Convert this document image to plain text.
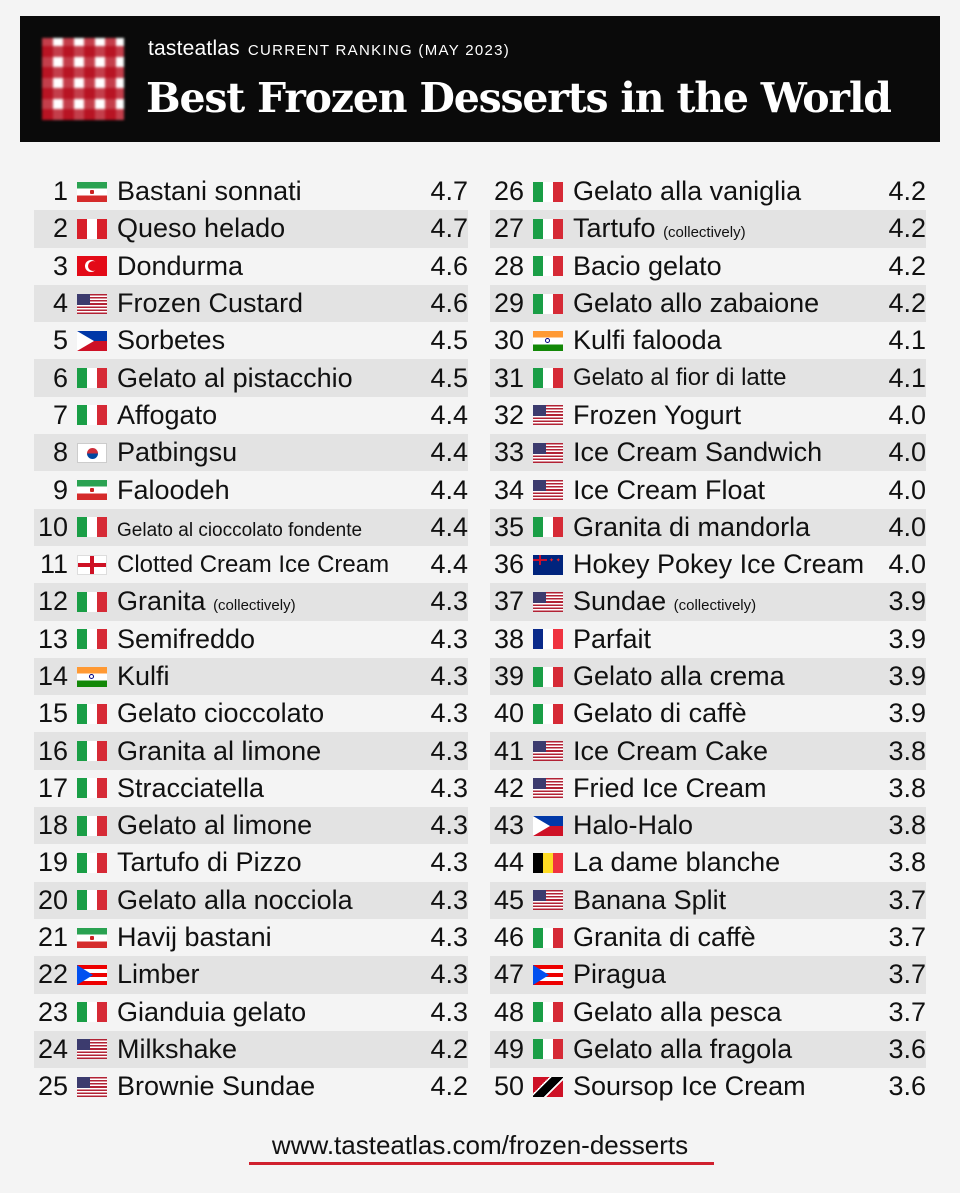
tasteatlas CURRENT RANKING (MAY 2023)
Best Frozen Desserts in the World
1 Bastani sonnati	4.7
2 Queso helado	4.7
3 Dondurma	4.6
4 Frozen Custard	4.6
5 Sorbetes	4.5
6 Gelato al pistacchio	4.5
7 Affogato	4.4
8 Patbingsu	4.4
9 Faloodeh	4.4
10	Gelato al cioccolato fondente	4.4
11 Clotted Cream Ice Cream	4.4
12 Granita (collectively)	4.3
13 Semifreddo	4.3
14 Kulfi	4.3
15 Gelato cioccolato	4.3
16 Granita al limone	4.3
17 Stracciatella	4.3
18 Gelato al limone	4.3
19 Tartufo di Pizzo	4.3
20 Gelato alla nocciola	4.3
21 Havij bastani	4.3
22 Limber	4.3
23 Gianduia gelato	4.3
24 Milkshake	4.2
25 Brownie Sundae	4.2
26 Gelato alla vaniglia	4.2
27 Tartufo (collectively)	4.2
28 Bacio gelato	4.2
29 Gelato allo zabaione	4.2
30 Kulfi falooda	4.1
31 Gelato al fior di latte	4.1
32 Frozen Yogurt	4.0
33 Ice Cream Sandwich	4.0
34 Ice Cream Float	4.0
35 Granita di mandorla	4.0
36
✦ ✦ Hokey Pokey Ice Cream 4.0
37 Sundae (collectively)	3.9
38 Parfait	3.9
39 Gelato alla crema	3.9
40 Gelato di caffè	3.9
41 Ice Cream Cake	3.8
42 Fried Ice Cream	3.8
43 Halo-Halo	3.8
44 La dame blanche	3.8
45 Banana Split	3.7
46 Granita di caffè	3.7
47 Piragua	3.7
48 Gelato alla pesca	3.7
49 Gelato alla fragola	3.6
50 Soursop Ice Cream	3.6
www.tasteatlas.com/frozen-desserts
